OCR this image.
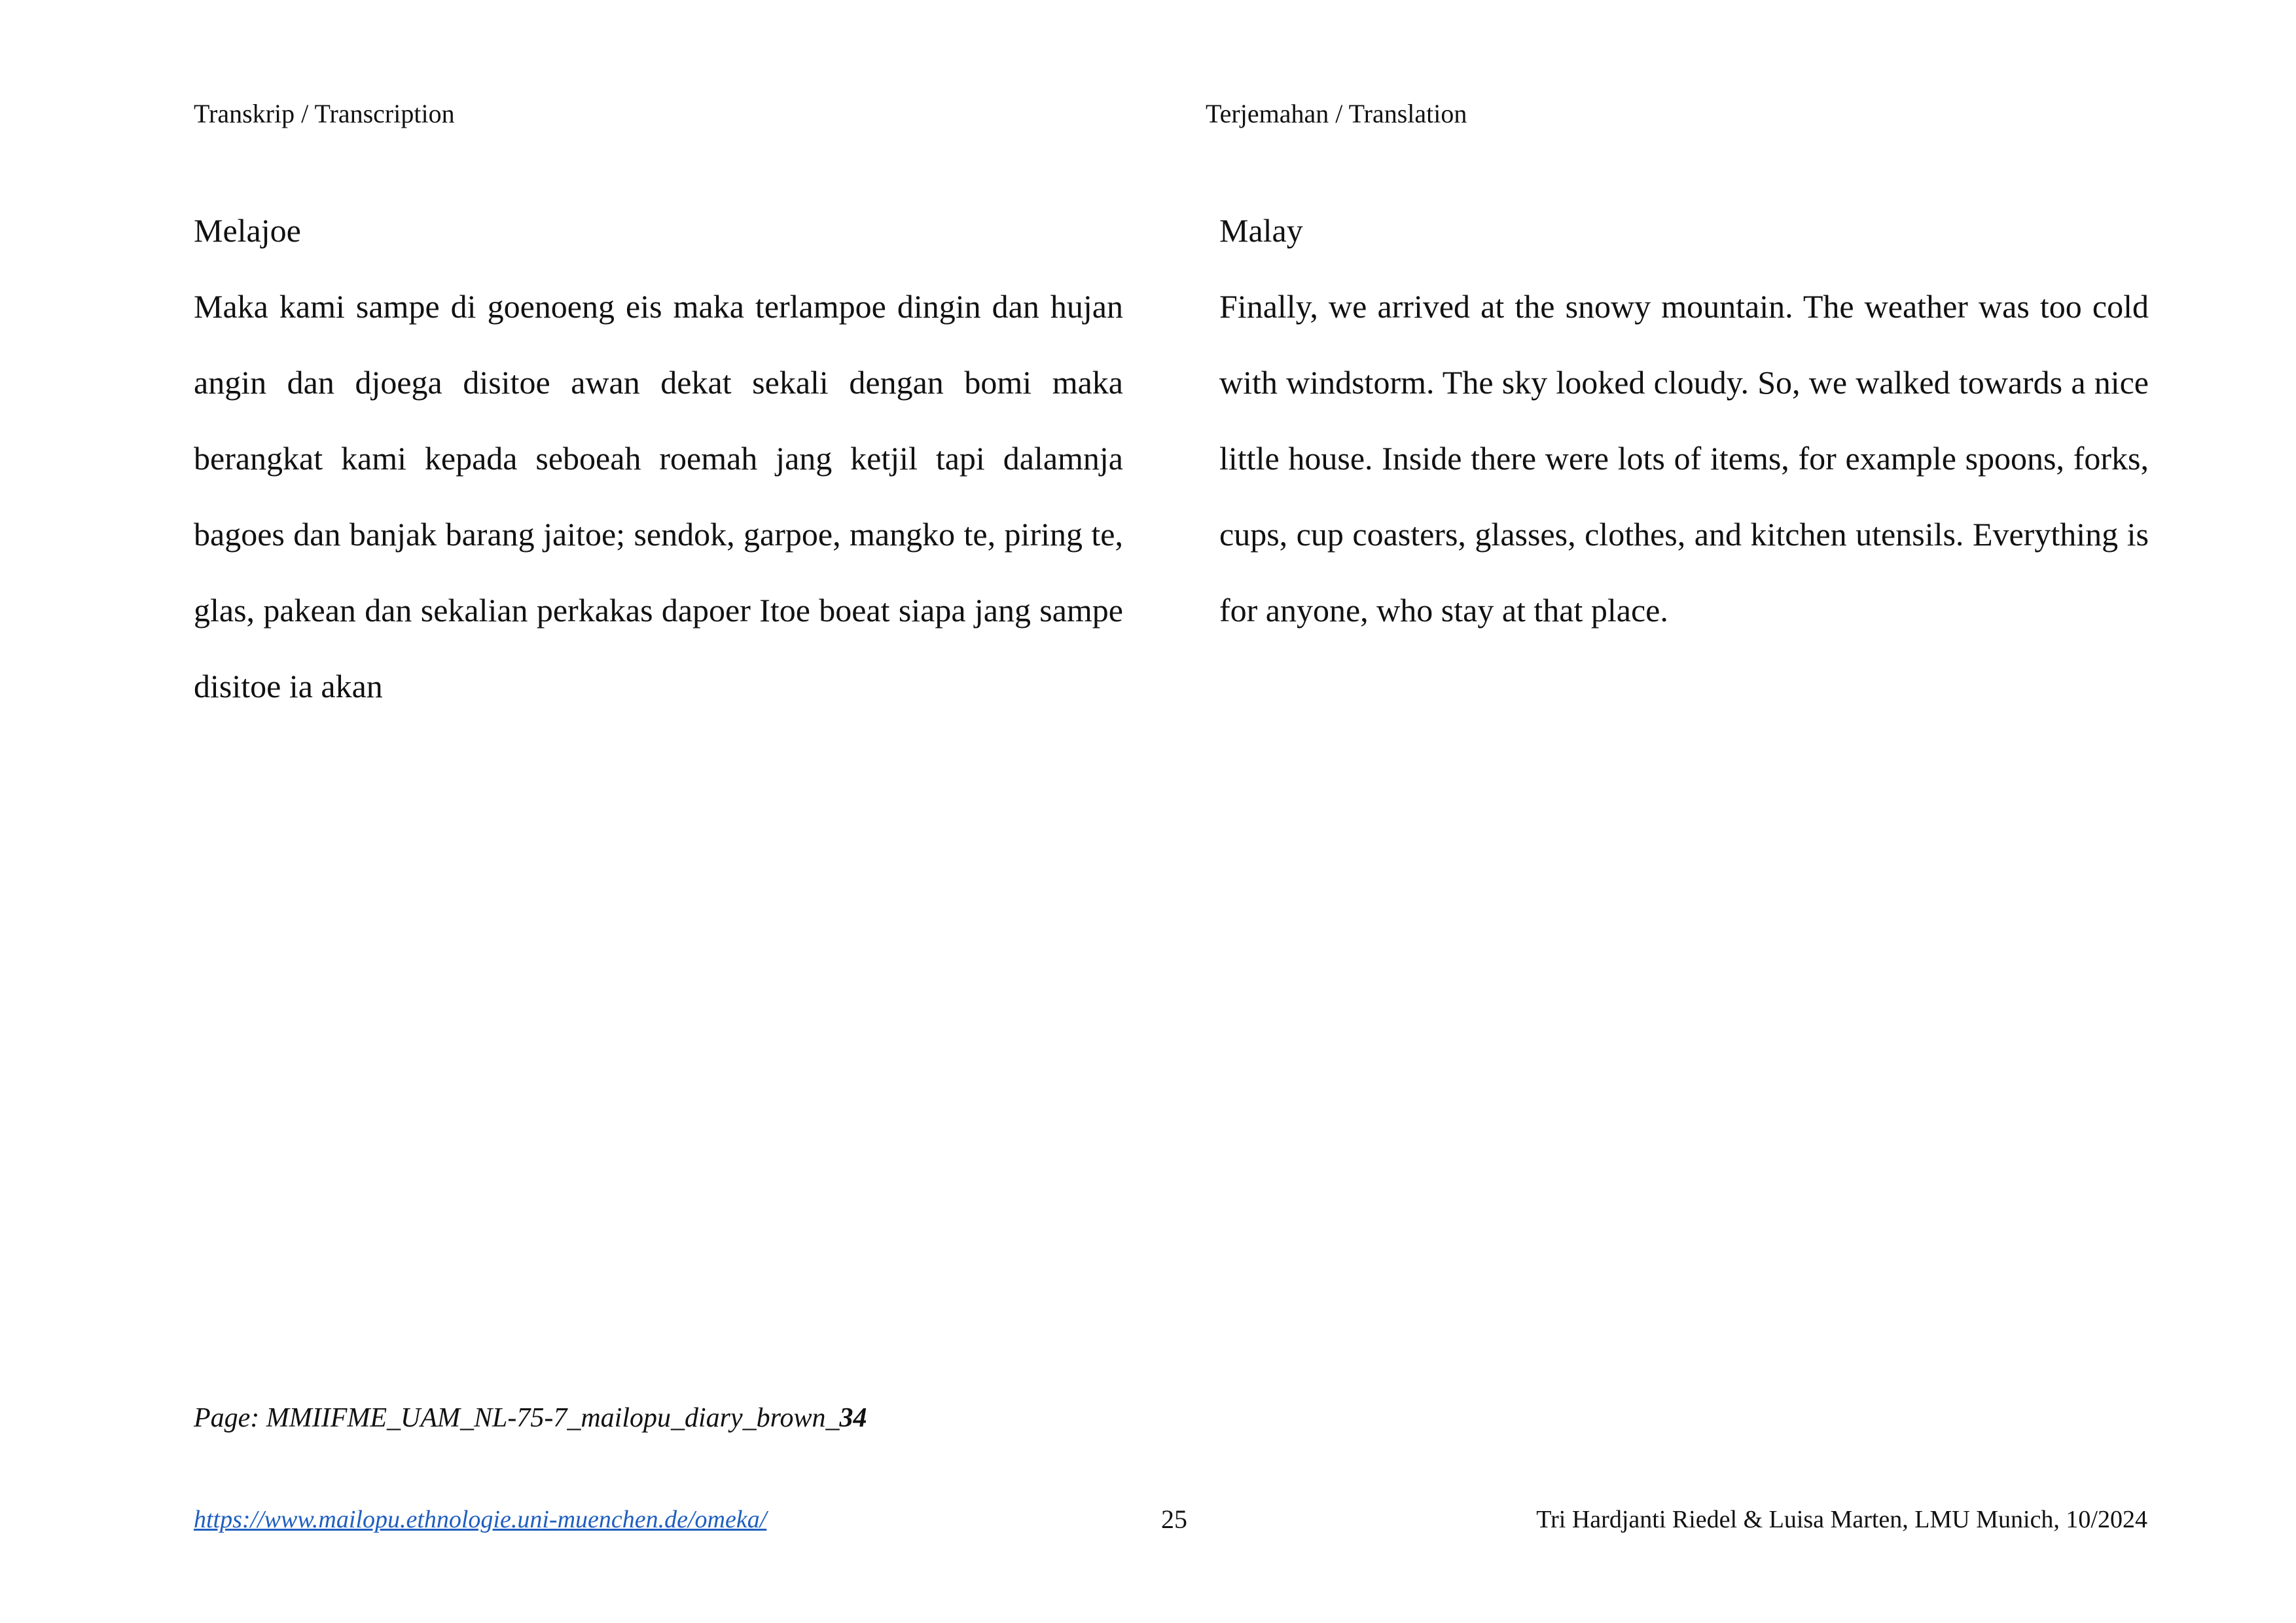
Transkrip / Transcription	Terjemahan / Translation
Melajoe
Maka kami sampe di goenoeng eis maka terlampoe dingin dan hujan angin dan djoega disitoe awan dekat sekali dengan bomi maka berangkat kami kepada seboeah roemah jang ketjil tapi dalamnja bagoes dan banjak barang jaitoe; sendok, garpoe, mangko te, piring te, glas, pakean dan sekalian perkakas dapoer Itoe boeat siapa jang sampe disitoe ia akan
Malay
Finally, we arrived at the snowy mountain. The weather was too cold with windstorm. The sky looked cloudy. So, we walked towards a nice little house. Inside there were lots of items, for example spoons, forks, cups, cup coasters, glasses, clothes, and kitchen utensils. Everything is for anyone, who stay at that place.
Page: MMIIFME_UAM_NL-75-7_mailopu_diary_brown_34
https://www.mailopu.ethnologie.uni-muenchen.de/omeka/	25	Tri Hardjanti Riedel & Luisa Marten, LMU Munich, 10/2024
